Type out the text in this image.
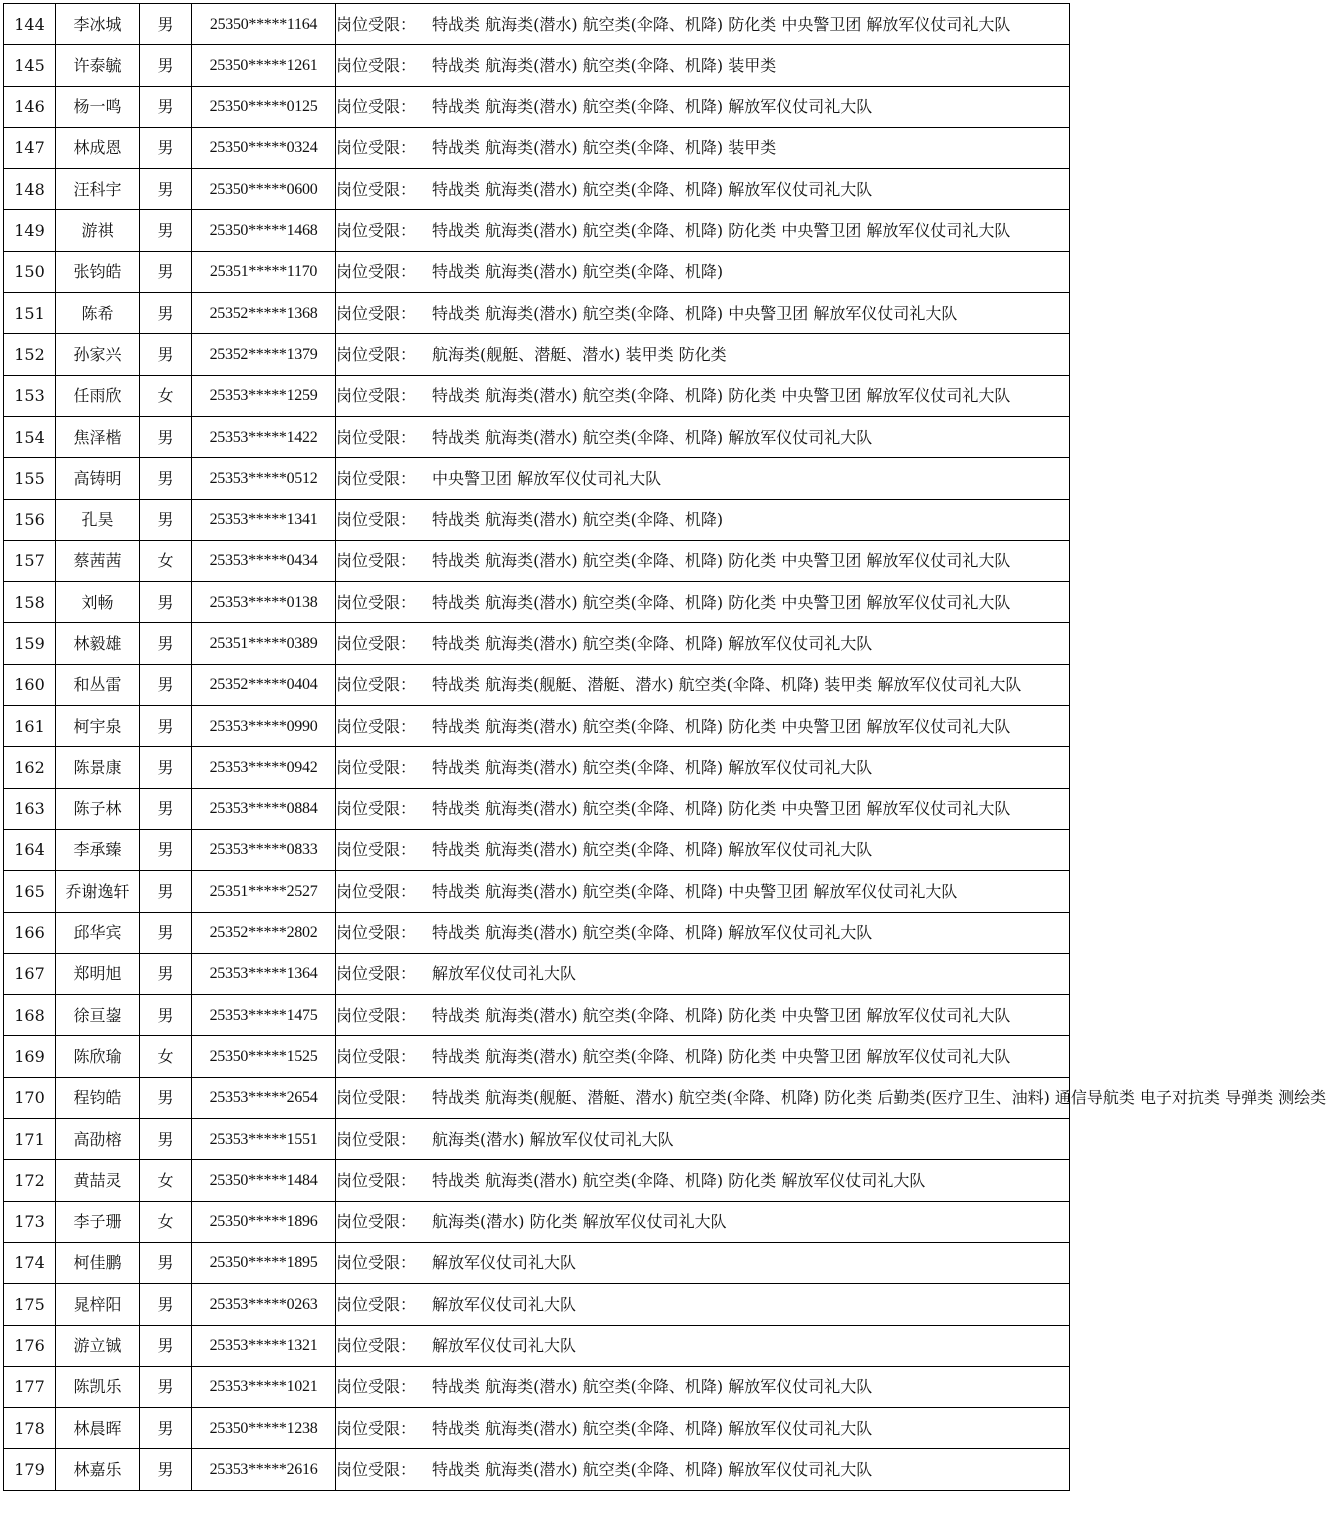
144	李冰城	男	25350*****1164	岗位受限： 特战类 航海类(潜水) 航空类(伞降、机降) 防化类 中央警卫团 解放军仪仗司礼大队
145	许泰毓	男	25350*****1261	岗位受限： 特战类 航海类(潜水) 航空类(伞降、机降) 装甲类
146	杨一鸣	男	25350*****0125	岗位受限： 特战类 航海类(潜水) 航空类(伞降、机降) 解放军仪仗司礼大队
147	林成恩	男	25350*****0324	岗位受限： 特战类 航海类(潜水) 航空类(伞降、机降) 装甲类
148	汪科宇	男	25350*****0600	岗位受限： 特战类 航海类(潜水) 航空类(伞降、机降) 解放军仪仗司礼大队
149	游祺	男	25350*****1468	岗位受限： 特战类 航海类(潜水) 航空类(伞降、机降) 防化类 中央警卫团 解放军仪仗司礼大队
150	张钧皓	男	25351*****1170	岗位受限： 特战类 航海类(潜水) 航空类(伞降、机降)
151	陈希	男	25352*****1368	岗位受限： 特战类 航海类(潜水) 航空类(伞降、机降) 中央警卫团 解放军仪仗司礼大队
152	孙家兴	男	25352*****1379	岗位受限： 航海类(舰艇、潜艇、潜水) 装甲类 防化类
153	任雨欣	女	25353*****1259	岗位受限： 特战类 航海类(潜水) 航空类(伞降、机降) 防化类 中央警卫团 解放军仪仗司礼大队
154	焦泽楷	男	25353*****1422	岗位受限： 特战类 航海类(潜水) 航空类(伞降、机降) 解放军仪仗司礼大队
155	高铸明	男	25353*****0512	岗位受限： 中央警卫团 解放军仪仗司礼大队
156	孔昊	男	25353*****1341	岗位受限： 特战类 航海类(潜水) 航空类(伞降、机降)
157	蔡茜茜	女	25353*****0434	岗位受限： 特战类 航海类(潜水) 航空类(伞降、机降) 防化类 中央警卫团 解放军仪仗司礼大队
158	刘畅	男	25353*****0138	岗位受限： 特战类 航海类(潜水) 航空类(伞降、机降) 防化类 中央警卫团 解放军仪仗司礼大队
159	林毅雄	男	25351*****0389	岗位受限： 特战类 航海类(潜水) 航空类(伞降、机降) 解放军仪仗司礼大队
160	和丛雷	男	25352*****0404	岗位受限： 特战类 航海类(舰艇、潜艇、潜水) 航空类(伞降、机降) 装甲类 解放军仪仗司礼大队
161	柯宇泉	男	25353*****0990	岗位受限： 特战类 航海类(潜水) 航空类(伞降、机降) 防化类 中央警卫团 解放军仪仗司礼大队
162	陈景康	男	25353*****0942	岗位受限： 特战类 航海类(潜水) 航空类(伞降、机降) 解放军仪仗司礼大队
163	陈子林	男	25353*****0884	岗位受限： 特战类 航海类(潜水) 航空类(伞降、机降) 防化类 中央警卫团 解放军仪仗司礼大队
164	李承臻	男	25353*****0833	岗位受限： 特战类 航海类(潜水) 航空类(伞降、机降) 解放军仪仗司礼大队
165	乔谢逸轩	男	25351*****2527	岗位受限： 特战类 航海类(潜水) 航空类(伞降、机降) 中央警卫团 解放军仪仗司礼大队
166	邱华宾	男	25352*****2802	岗位受限： 特战类 航海类(潜水) 航空类(伞降、机降) 解放军仪仗司礼大队
167	郑明旭	男	25353*****1364	岗位受限： 解放军仪仗司礼大队
168	徐亘鋆	男	25353*****1475	岗位受限： 特战类 航海类(潜水) 航空类(伞降、机降) 防化类 中央警卫团 解放军仪仗司礼大队
169	陈欣瑜	女	25350*****1525	岗位受限： 特战类 航海类(潜水) 航空类(伞降、机降) 防化类 中央警卫团 解放军仪仗司礼大队
170	程钧皓	男	25353*****2654	岗位受限： 特战类 航海类(舰艇、潜艇、潜水) 航空类(伞降、机降) 防化类 后勤类(医疗卫生、油料) 通信导航类 电子对抗类 导弹类 测绘类
171	高劭榕	男	25353*****1551	岗位受限： 航海类(潜水) 解放军仪仗司礼大队
172	黄喆灵	女	25350*****1484	岗位受限： 特战类 航海类(潜水) 航空类(伞降、机降) 防化类 解放军仪仗司礼大队
173	李子珊	女	25350*****1896	岗位受限： 航海类(潜水) 防化类 解放军仪仗司礼大队
174	柯佳鹏	男	25350*****1895	岗位受限： 解放军仪仗司礼大队
175	晁梓阳	男	25353*****0263	岗位受限： 解放军仪仗司礼大队
176	游立铖	男	25353*****1321	岗位受限： 解放军仪仗司礼大队
177	陈凯乐	男	25353*****1021	岗位受限： 特战类 航海类(潜水) 航空类(伞降、机降) 解放军仪仗司礼大队
178	林晨晖	男	25350*****1238	岗位受限： 特战类 航海类(潜水) 航空类(伞降、机降) 解放军仪仗司礼大队
179	林嘉乐	男	25353*****2616	岗位受限： 特战类 航海类(潜水) 航空类(伞降、机降) 解放军仪仗司礼大队
